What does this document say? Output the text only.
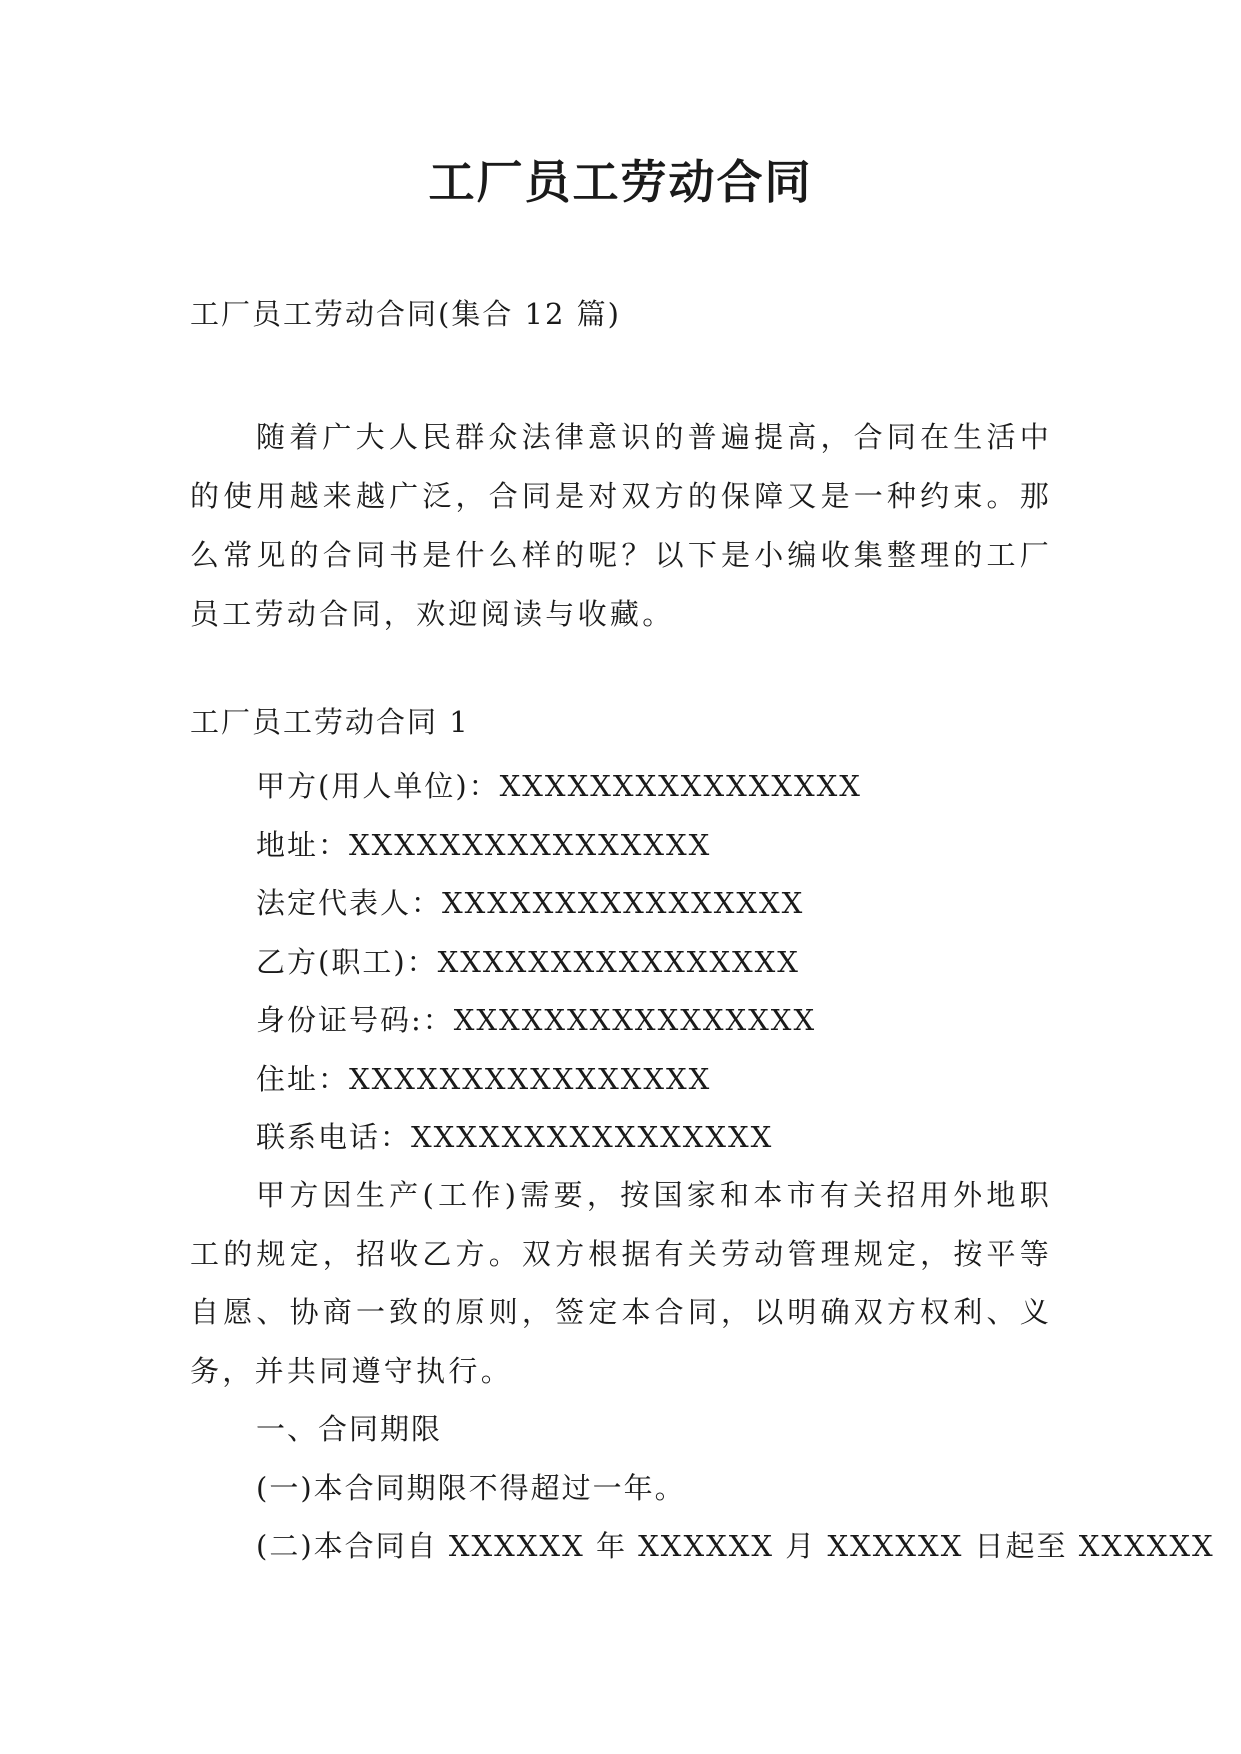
工厂员工劳动合同
工厂员工劳动合同(集合 12 篇)
随着广大人民群众法律意识的普遍提高，合同在生活中的使用越来越广泛，合同是对双方的保障又是一种约束。那么常见的合同书是什么样的呢？以下是小编收集整理的工厂员工劳动合同，欢迎阅读与收藏。
工厂员工劳动合同 1
甲方(用人单位)：XXXXXXXXXXXXXXXX
地址：XXXXXXXXXXXXXXXX
法定代表人：XXXXXXXXXXXXXXXX
乙方(职工)：XXXXXXXXXXXXXXXX
身份证号码:：XXXXXXXXXXXXXXXX
住址：XXXXXXXXXXXXXXXX
联系电话：XXXXXXXXXXXXXXXX
甲方因生产(工作)需要，按国家和本市有关招用外地职工的规定，招收乙方。双方根据有关劳动管理规定，按平等自愿、协商一致的原则，签定本合同，以明确双方权利、义务，并共同遵守执行。
一、合同期限
(一)本合同期限不得超过一年。
(二)本合同自 XXXXXX 年 XXXXXX 月 XXXXXX 日起至 XXXXXX
